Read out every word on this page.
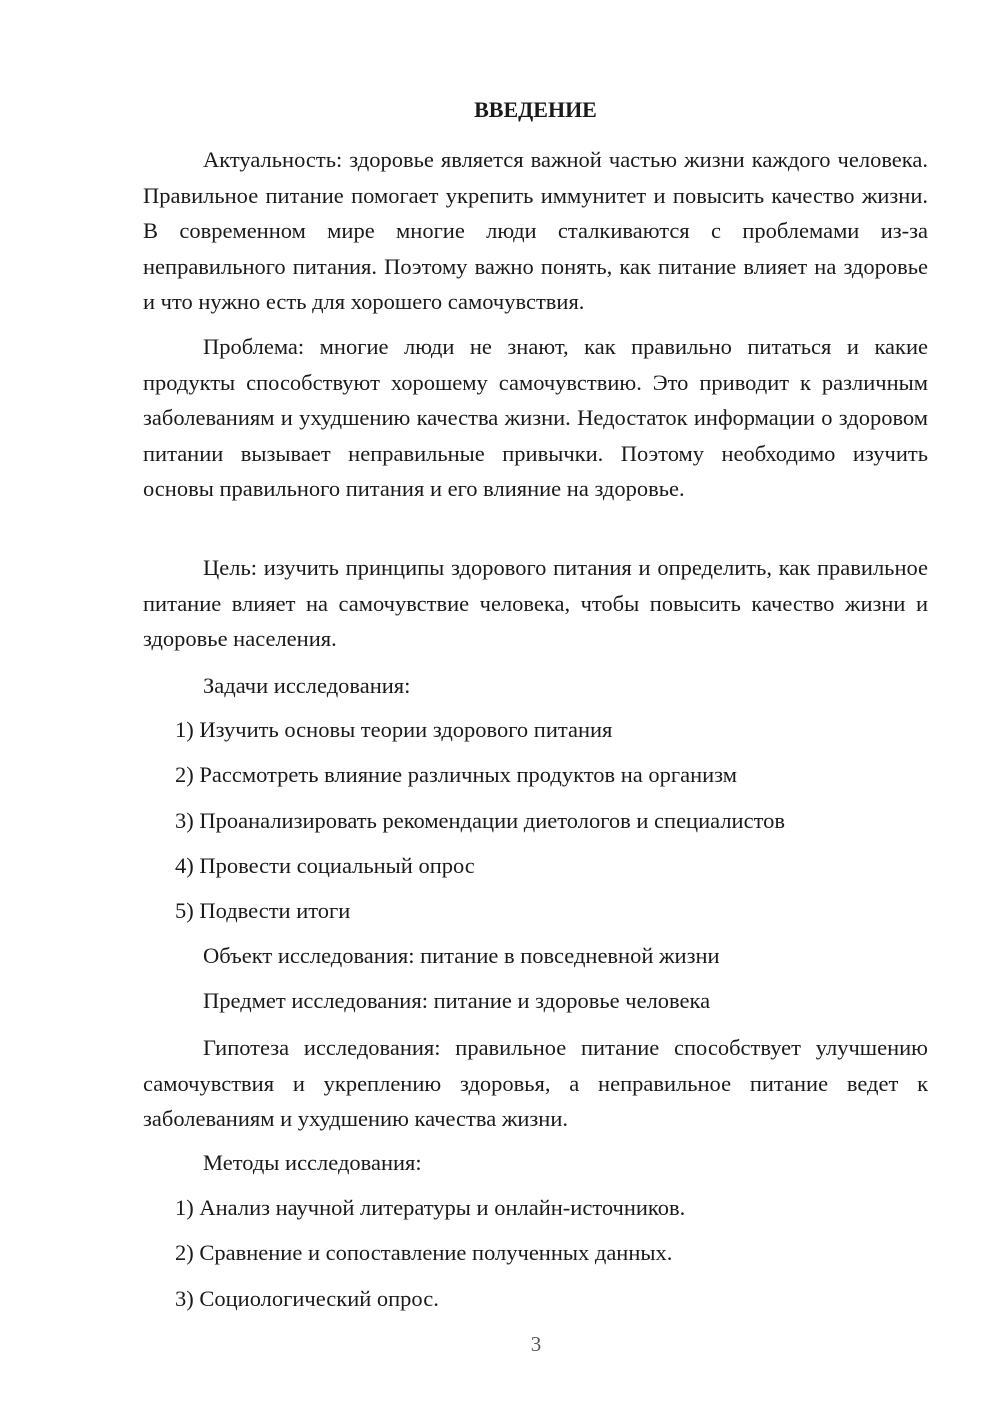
ВВЕДЕНИЕ

Актуальность: здоровье является важной частью жизни каждого человека. Правильное питание помогает укрепить иммунитет и повысить качество жизни. В современном мире многие люди сталкиваются с проблемами из-за неправильного питания. Поэтому важно понять, как питание влияет на здоровье и что нужно есть для хорошего самочувствия.

Проблема: многие люди не знают, как правильно питаться и какие продукты способствуют хорошему самочувствию. Это приводит к различным заболеваниям и ухудшению качества жизни. Недостаток информации о здоровом питании вызывает неправильные привычки. Поэтому необходимо изучить основы правильного питания и его влияние на здоровье.

Цель: изучить принципы здорового питания и определить, как правильное питание влияет на самочувствие человека, чтобы повысить качество жизни и здоровье населения.

Задачи исследования:
1) Изучить основы теории здорового питания
2) Рассмотреть влияние различных продуктов на организм
3) Проанализировать рекомендации диетологов и специалистов
4) Провести социальный опрос
5) Подвести итоги
Объект исследования: питание в повседневной жизни
Предмет исследования: питание и здоровье человека

Гипотеза исследования: правильное питание способствует улучшению самочувствия и укреплению здоровья, а неправильное питание ведет к заболеваниям и ухудшению качества жизни.

Методы исследования:
1) Анализ научной литературы и онлайн-источников.
2) Сравнение и сопоставление полученных данных.
3) Социологический опрос.
3
